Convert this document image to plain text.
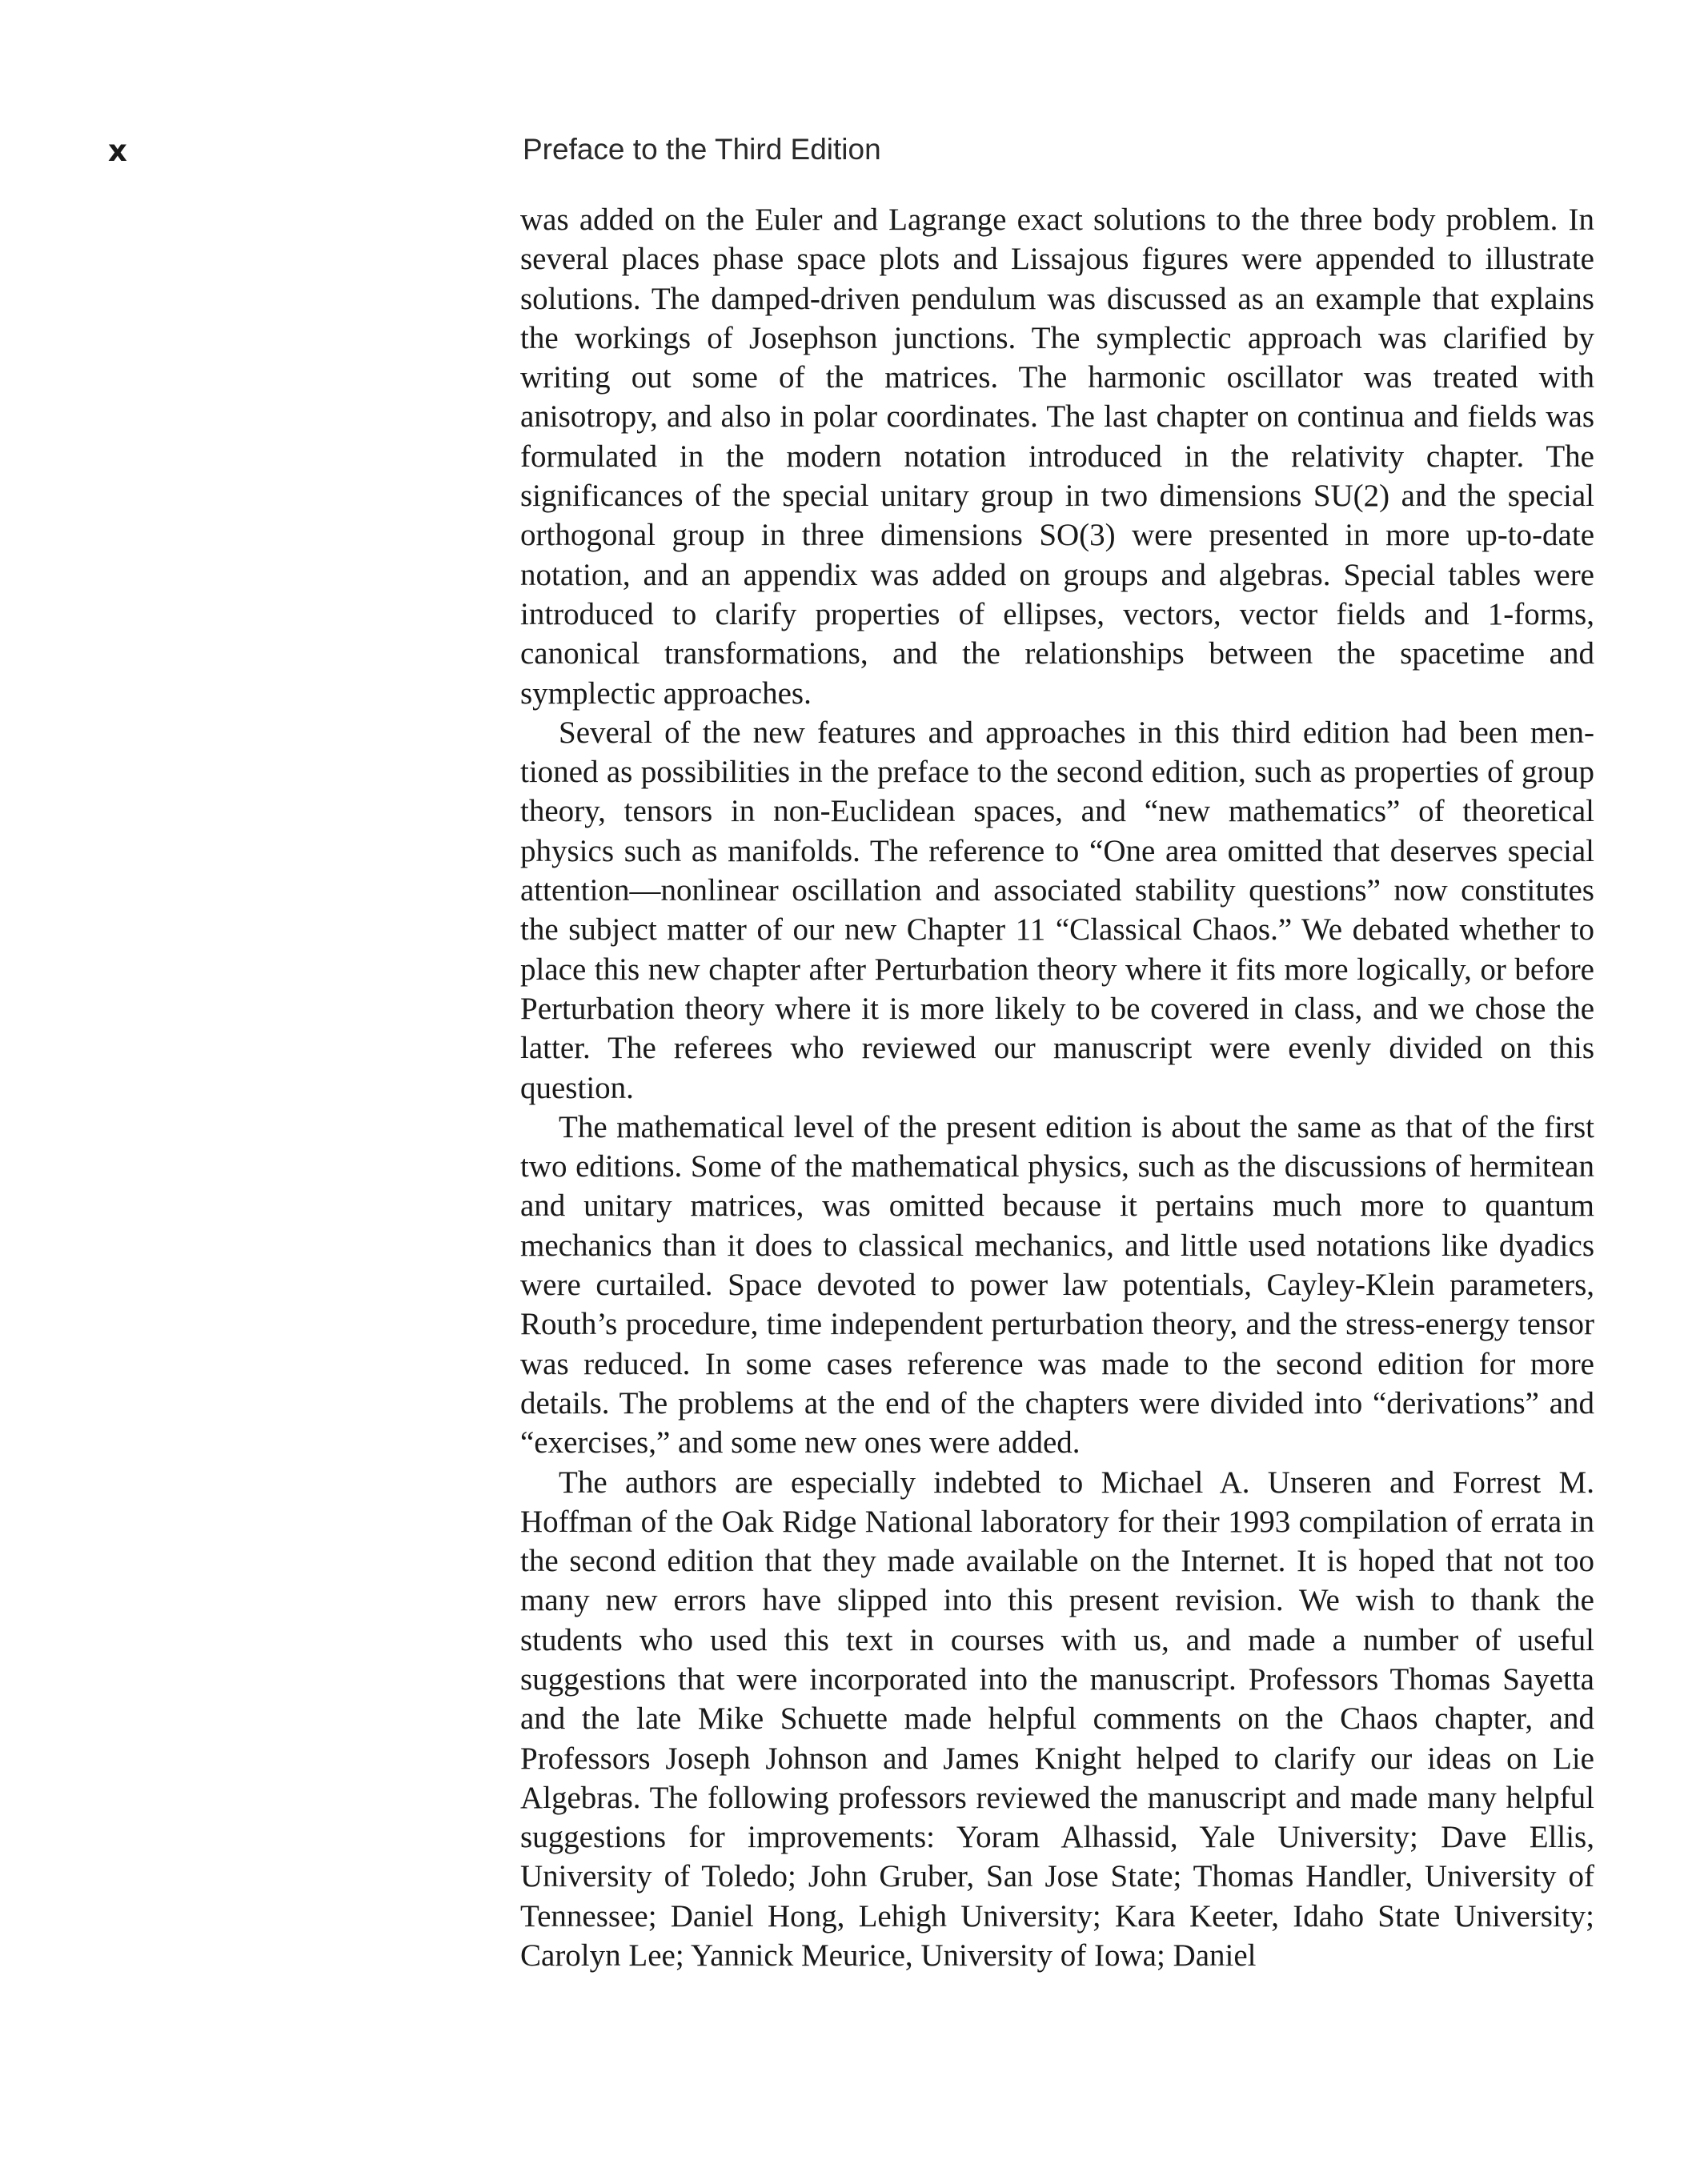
x	Preface to the Third Edition

was added on the Euler and Lagrange exact solutions to the three body problem. In several places phase space plots and Lissajous figures were appended to illustrate solutions. The damped-driven pendulum was discussed as an example that explains the workings of Josephson junctions. The symplectic approach was clarified by writing out some of the matrices. The harmonic oscillator was treated with anisotropy, and also in polar coordinates. The last chapter on continua and fields was formulated in the modern notation introduced in the relativity chapter. The significances of the special unitary group in two dimensions SU(2) and the special orthogonal group in three dimensions SO(3) were presented in more up-to-date notation, and an appendix was added on groups and algebras. Special tables were introduced to clarify properties of ellipses, vectors, vector fields and 1-forms, canonical transformations, and the relationships between the spacetime and symplectic approaches.

Several of the new features and approaches in this third edition had been mentioned as possibilities in the preface to the second edition, such as properties of group theory, tensors in non-Euclidean spaces, and “new mathematics” of theoretical physics such as manifolds. The reference to “One area omitted that deserves special attention—nonlinear oscillation and associated stability questions” now constitutes the subject matter of our new Chapter 11 “Classical Chaos.” We debated whether to place this new chapter after Perturbation theory where it fits more logically, or before Perturbation theory where it is more likely to be covered in class, and we chose the latter. The referees who reviewed our manuscript were evenly divided on this question.

The mathematical level of the present edition is about the same as that of the first two editions. Some of the mathematical physics, such as the discussions of hermitean and unitary matrices, was omitted because it pertains much more to quantum mechanics than it does to classical mechanics, and little used notations like dyadics were curtailed. Space devoted to power law potentials, Cayley-Klein parameters, Routh’s procedure, time independent perturbation theory, and the stress-energy tensor was reduced. In some cases reference was made to the second edition for more details. The problems at the end of the chapters were divided into “derivations” and “exercises,” and some new ones were added.

The authors are especially indebted to Michael A. Unseren and Forrest M. Hoffman of the Oak Ridge National laboratory for their 1993 compilation of errata in the second edition that they made available on the Internet. It is hoped that not too many new errors have slipped into this present revision. We wish to thank the students who used this text in courses with us, and made a number of useful suggestions that were incorporated into the manuscript. Professors Thomas Sayetta and the late Mike Schuette made helpful comments on the Chaos chapter, and Professors Joseph Johnson and James Knight helped to clarify our ideas on Lie Algebras. The following professors reviewed the manuscript and made many helpful suggestions for improvements: Yoram Alhassid, Yale University; Dave Ellis, University of Toledo; John Gruber, San Jose State; Thomas Handler, University of Tennessee; Daniel Hong, Lehigh University; Kara Keeter, Idaho State University; Carolyn Lee; Yannick Meurice, University of Iowa; Daniel
